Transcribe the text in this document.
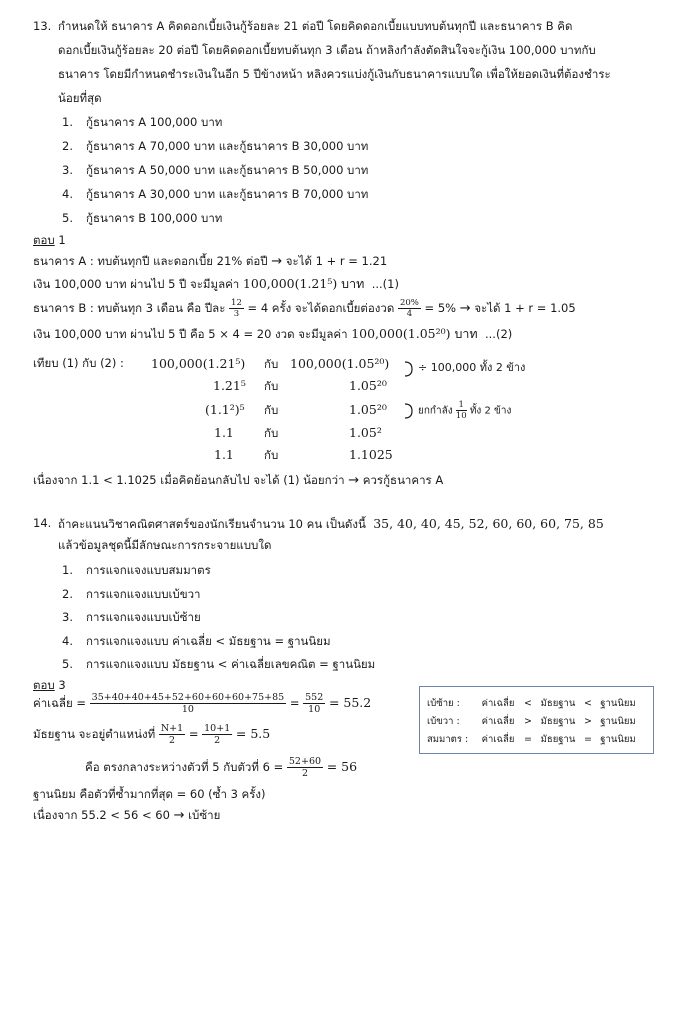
13. กำหนดให้ ธนาคาร A คิดดอกเบี้ยเงินกู้ร้อยละ 21 ต่อปี โดยคิดดอกเบี้ยแบบทบต้นทุกปี และธนาคาร B คิด
ดอกเบี้ยเงินกู้ร้อยละ 20 ต่อปี โดยคิดดอกเบี้ยทบต้นทุก 3 เดือน ถ้าหลิงกำลังตัดสินใจจะกู้เงิน 100,000 บาทกับ
ธนาคาร โดยมีกำหนดชำระเงินในอีก 5 ปีข้างหน้า หลิงควรแบ่งกู้เงินกับธนาคารแบบใด เพื่อให้ยอดเงินที่ต้องชำระ
น้อยที่สุด
1. กู้ธนาคาร A 100,000 บาท
2. กู้ธนาคาร A 70,000 บาท และกู้ธนาคาร B 30,000 บาท
3. กู้ธนาคาร A 50,000 บาท และกู้ธนาคาร B 50,000 บาท
4. กู้ธนาคาร A 30,000 บาท และกู้ธนาคาร B 70,000 บาท
5. กู้ธนาคาร B 100,000 บาท
ตอบ 1
ธนาคาร A : ทบต้นทุกปี และดอกเบี้ย 21% ต่อปี → จะได้ 1 + r = 1.21
เงิน 100,000 บาท ผ่านไป 5 ปี จะมีมูลค่า 100,000(1.21⁵) บาท ...(1)
ธนาคาร B : ทบต้นทุก 3 เดือน คือ ปีละ $\frac{12}{3} = 4$ ครั้ง จะได้ดอกเบี้ยต่องวด $\frac{20\%}{4} = 5\%$ → จะได้ 1 + r = 1.05
เงิน 100,000 บาท ผ่านไป 5 ปี คือ 5 × 4 = 20 งวด จะมีมูลค่า 100,000(1.05²⁰) บาท ...(2)
เทียบ (1) กับ (2) : 100,000(1.21⁵) กับ 100,000(1.05²⁰)
1.21⁵ กับ	1.05²⁰
(1.1²)⁵ กับ	1.05²⁰
1.1	กับ	1.05²
1.1	กับ	1.1025
÷ 100,000 ทั้ง 2 ข้าง
ยกกำลัง $\frac{1}{10}$ ทั้ง 2 ข้าง
เนื่องจาก 1.1 < 1.1025 เมื่อคิดย้อนกลับไป จะได้ (1) น้อยกว่า → ควรกู้ธนาคาร A
14. ถ้าคะแนนวิชาคณิตศาสตร์ของนักเรียนจำนวน 10 คน เป็นดังนี้ 35, 40, 40, 45, 52, 60, 60, 60, 75, 85
แล้วข้อมูลชุดนี้มีลักษณะการกระจายแบบใด
1. การแจกแจงแบบสมมาตร
2. การแจกแจงแบบเบ้ขวา
3. การแจกแจงแบบเบ้ซ้าย
4. การแจกแจงแบบ ค่าเฉลี่ย < มัธยฐาน = ฐานนิยม
5. การแจกแจงแบบ มัธยฐาน < ค่าเฉลี่ยเลขคณิต = ฐานนิยม
ตอบ 3
ค่าเฉลี่ย = $\frac{35+40+40+45+52+60+60+60+75+85}{10} = \frac{552}{10} = 55.2$
มัธยฐาน จะอยู่ตำแหน่งที่ $\frac{N+1}{2} = \frac{10+1}{2} = 5.5$
คือ ตรงกลางระหว่างตัวที่ 5 กับตัวที่ $6 = \frac{52+60}{2} = 56$
ฐานนิยม คือตัวที่ซ้ำมากที่สุด = 60 (ซ้ำ 3 ครั้ง)
เนื่องจาก 55.2 < 56 < 60 → เบ้ซ้าย
เบ้ซ้าย : ค่าเฉลี่ย < มัธยฐาน < ฐานนิยม
เบ้ขวา : ค่าเฉลี่ย > มัธยฐาน > ฐานนิยม
สมมาตร : ค่าเฉลี่ย = มัธยฐาน = ฐานนิยม
